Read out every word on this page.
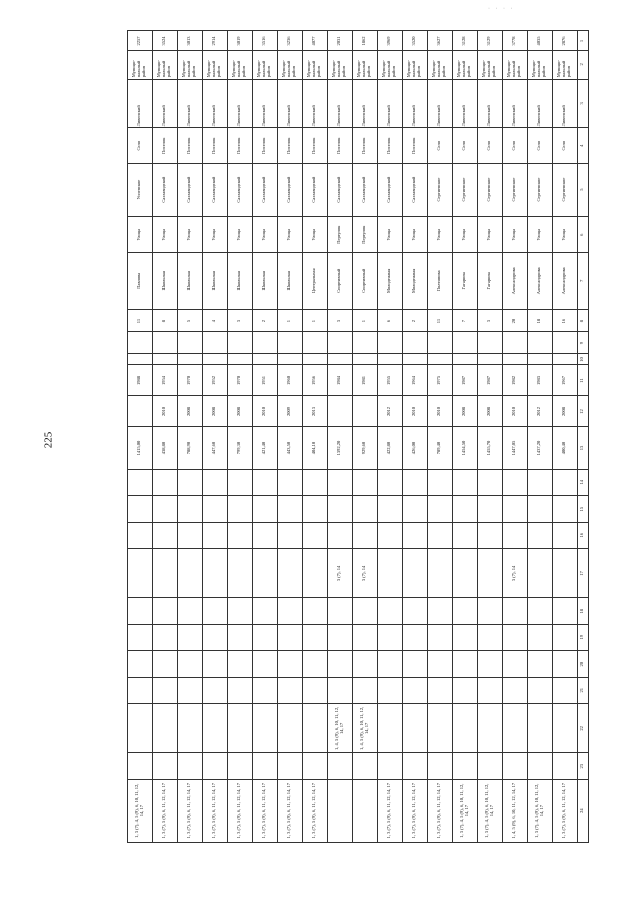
· · · ·
225
1	2	3	4	5	6	7	8	9	10	11	12	13	14	15	16	17	18	19	20	21	22	23	24
2876	Муници-пальный район	Ливенский	Село	Сергиевское	Улица	Александрова	16			1967	2008	400,40											1, 3 (7), 5 (9), 6, 11, 12, 14, 17
4035	Муници-пальный район	Ливенский	Село	Сергиевское	Улица	Александрова	18			1983	2012	1437,20											1, 3 (7), 4, 5 (9), 6, 10, 11, 12, 14, 17
3778	Муници-пальный район	Ливенский	Село	Сергиевское	Улица	Александрова	20			1982	2010	1447,05				3 (7), 14							1, 4, 5 (9), 6, 10, 11, 12, 14, 17
3129	Муници-пальный район	Ливенский	Село	Сергиевское	Улица	Гагарина	3			1987	2008	1455,70											1, 3 (7), 4, 5 (9), 6, 10, 11, 12, 14, 17
3128	Муници-пальный район	Ливенский	Село	Сергиевское	Улица	Гагарина	7			1987	2008	1454,50											1, 3 (7), 4, 5 (9), 6, 10, 11, 12, 14, 17
3627	Муници-пальный район	Ливенский	Село	Сергиевское	Улица	Полтинова	11			1975	2010	789,40											1, 3 (7), 5 (9), 6, 11, 12, 14, 17
3520	Муници-пальный район	Ливенский	Поселок	Сахзаводской	Улица	Молодежная	2			1964	2010	426,00											1, 3 (7), 5 (9), 6, 11, 12, 14, 17
3969	Муници-пальный район	Ливенский	Поселок	Сахзаводской	Улица	Молодежная	6			1955	2012	422,80											1, 3 (7), 5 (9), 6, 11, 12, 14, 17
1862	Муници-пальный район	Ливенский	Поселок	Сахзаводской	Переулок	Спортивный	1			1981		929,60				3 (7), 14					1, 4, 5 (9), 6, 10, 11, 12, 14, 17		
2031	Муници-пальный район	Ливенский	Поселок	Сахзаводской	Переулок	Спортивный	3			1984		1392,20				3 (7), 14					1, 4, 5 (9), 6, 10, 11, 12, 14, 17		
4077	Муници-пальный район	Ливенский	Поселок	Сахзаводской	Улица	Центральная	1			1956	2013	404,10											1, 3 (7), 5 (9), 6, 11, 12, 14, 17
3236	Муници-пальный район	Ливенский	Поселок	Сахзаводской	Улица	Школьная	1			1960	2009	443,50											1, 3 (7), 5 (9), 6, 11, 12, 14, 17
3516	Муници-пальный район	Ливенский	Поселок	Сахзаводской	Улица	Школьная	2			1951	2010	421,40											1, 3 (7), 5 (9), 6, 11, 12, 14, 17
3019	Муници-пальный район	Ливенский	Поселок	Сахзаводской	Улица	Школьная	3			1970	2008	799,30											1, 3 (7), 5 (9), 6, 11, 12, 14, 17
2914	Муници-пальный район	Ливенский	Поселок	Сахзаводской	Улица	Школьная	4			1952	2008	447,60											1, 3 (7), 5 (9), 6, 11, 12, 14, 17
3013	Муници-пальный район	Ливенский	Поселок	Сахзаводской	Улица	Школьная	5			1970	2008	788,90											1, 3 (7), 5 (9), 6, 11, 12, 14, 17
3524	Муници-пальный район	Ливенский	Поселок	Сахзаводской	Улица	Школьная	8			1954	2010	438,80											1, 3 (7), 5 (9), 6, 11, 12, 14, 17
2257	Муници-пальный район	Ливенский	Село	Успенское	Улица	Павлова	11			1988		1415,00											1, 3 (7), 4, 5 (9), 6, 10, 11, 12, 14, 17
